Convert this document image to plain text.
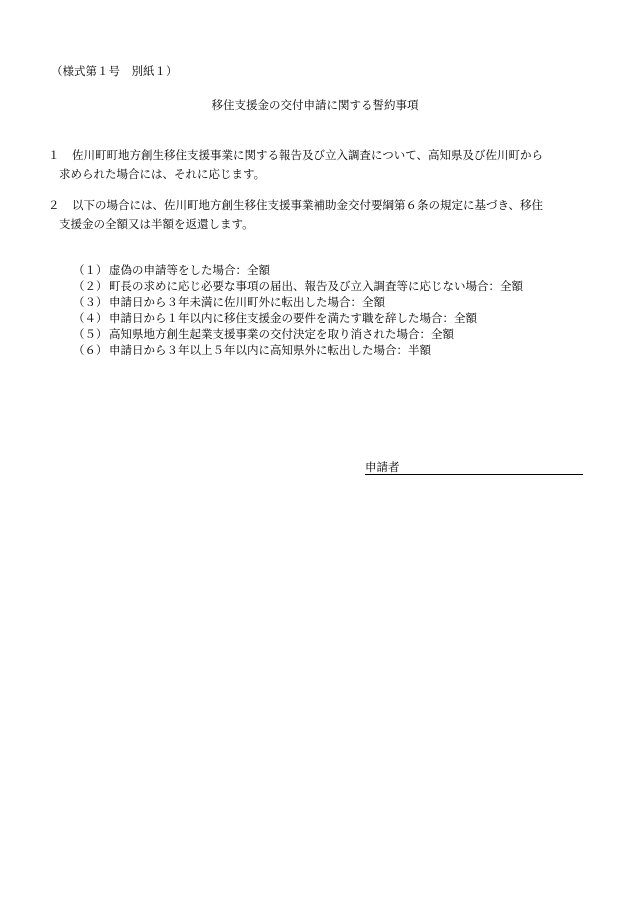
（様式第１号　別紙１）
移住支援金の交付申請に関する誓約事項
１	佐川町町地方創生移住支援事業に関する報告及び立入調査について、高知県及び佐川町から
求められた場合には、それに応じます。
２	以下の場合には、佐川町地方創生移住支援事業補助金交付要綱第６条の規定に基づき、移住
支援金の全額又は半額を返還します。
（１） 虚偽の申請等をした場合：全額
（２） 町長の求めに応じ必要な事項の届出、報告及び立入調査等に応じない場合：全額
（３） 申請日から３年未満に佐川町外に転出した場合：全額
（４） 申請日から１年以内に移住支援金の要件を満たす職を辞した場合：全額
（５） 高知県地方創生起業支援事業の交付決定を取り消された場合：全額
（６） 申請日から３年以上５年以内に高知県外に転出した場合：半額
申請者
